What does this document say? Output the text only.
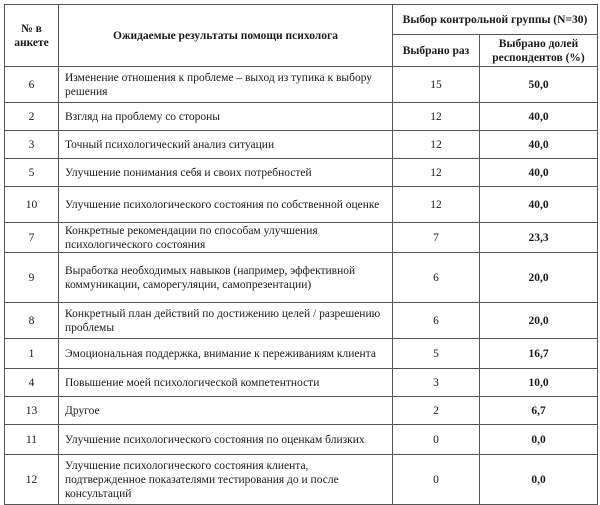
№ в анкете	Ожидаемые результаты помощи психолога	Выбор контрольной группы (N=30)	
		Выбрано раз	Выбрано долей респондентов (%)
6	Изменение отношения к проблеме – выход из тупика к выбору решения	15	50,0
2	Взгляд на проблему со стороны	12	40,0
3	Точный психологический анализ ситуации	12	40,0
5	Улучшение понимания себя и своих потребностей	12	40,0
10	Улучшение психологического состояния по собственной оценке	12	40,0
7	Конкретные рекомендации по способам улучшения психологического состояния	7	23,3
9	Выработка необходимых навыков (например, эффективной коммуникации, саморегуляции, самопрезентации)	6	20,0
8	Конкретный план действий по достижению целей / разрешению проблемы	6	20,0
1	Эмоциональная поддержка, внимание к переживаниям клиента	5	16,7
4	Повышение моей психологической компетентности	3	10,0
13	Другое	2	6,7
11	Улучшение психологического состояния по оценкам близких	0	0,0
12	Улучшение психологического состояния клиента, подтвержденное показателями тестирования до и после консультаций	0	0,0
